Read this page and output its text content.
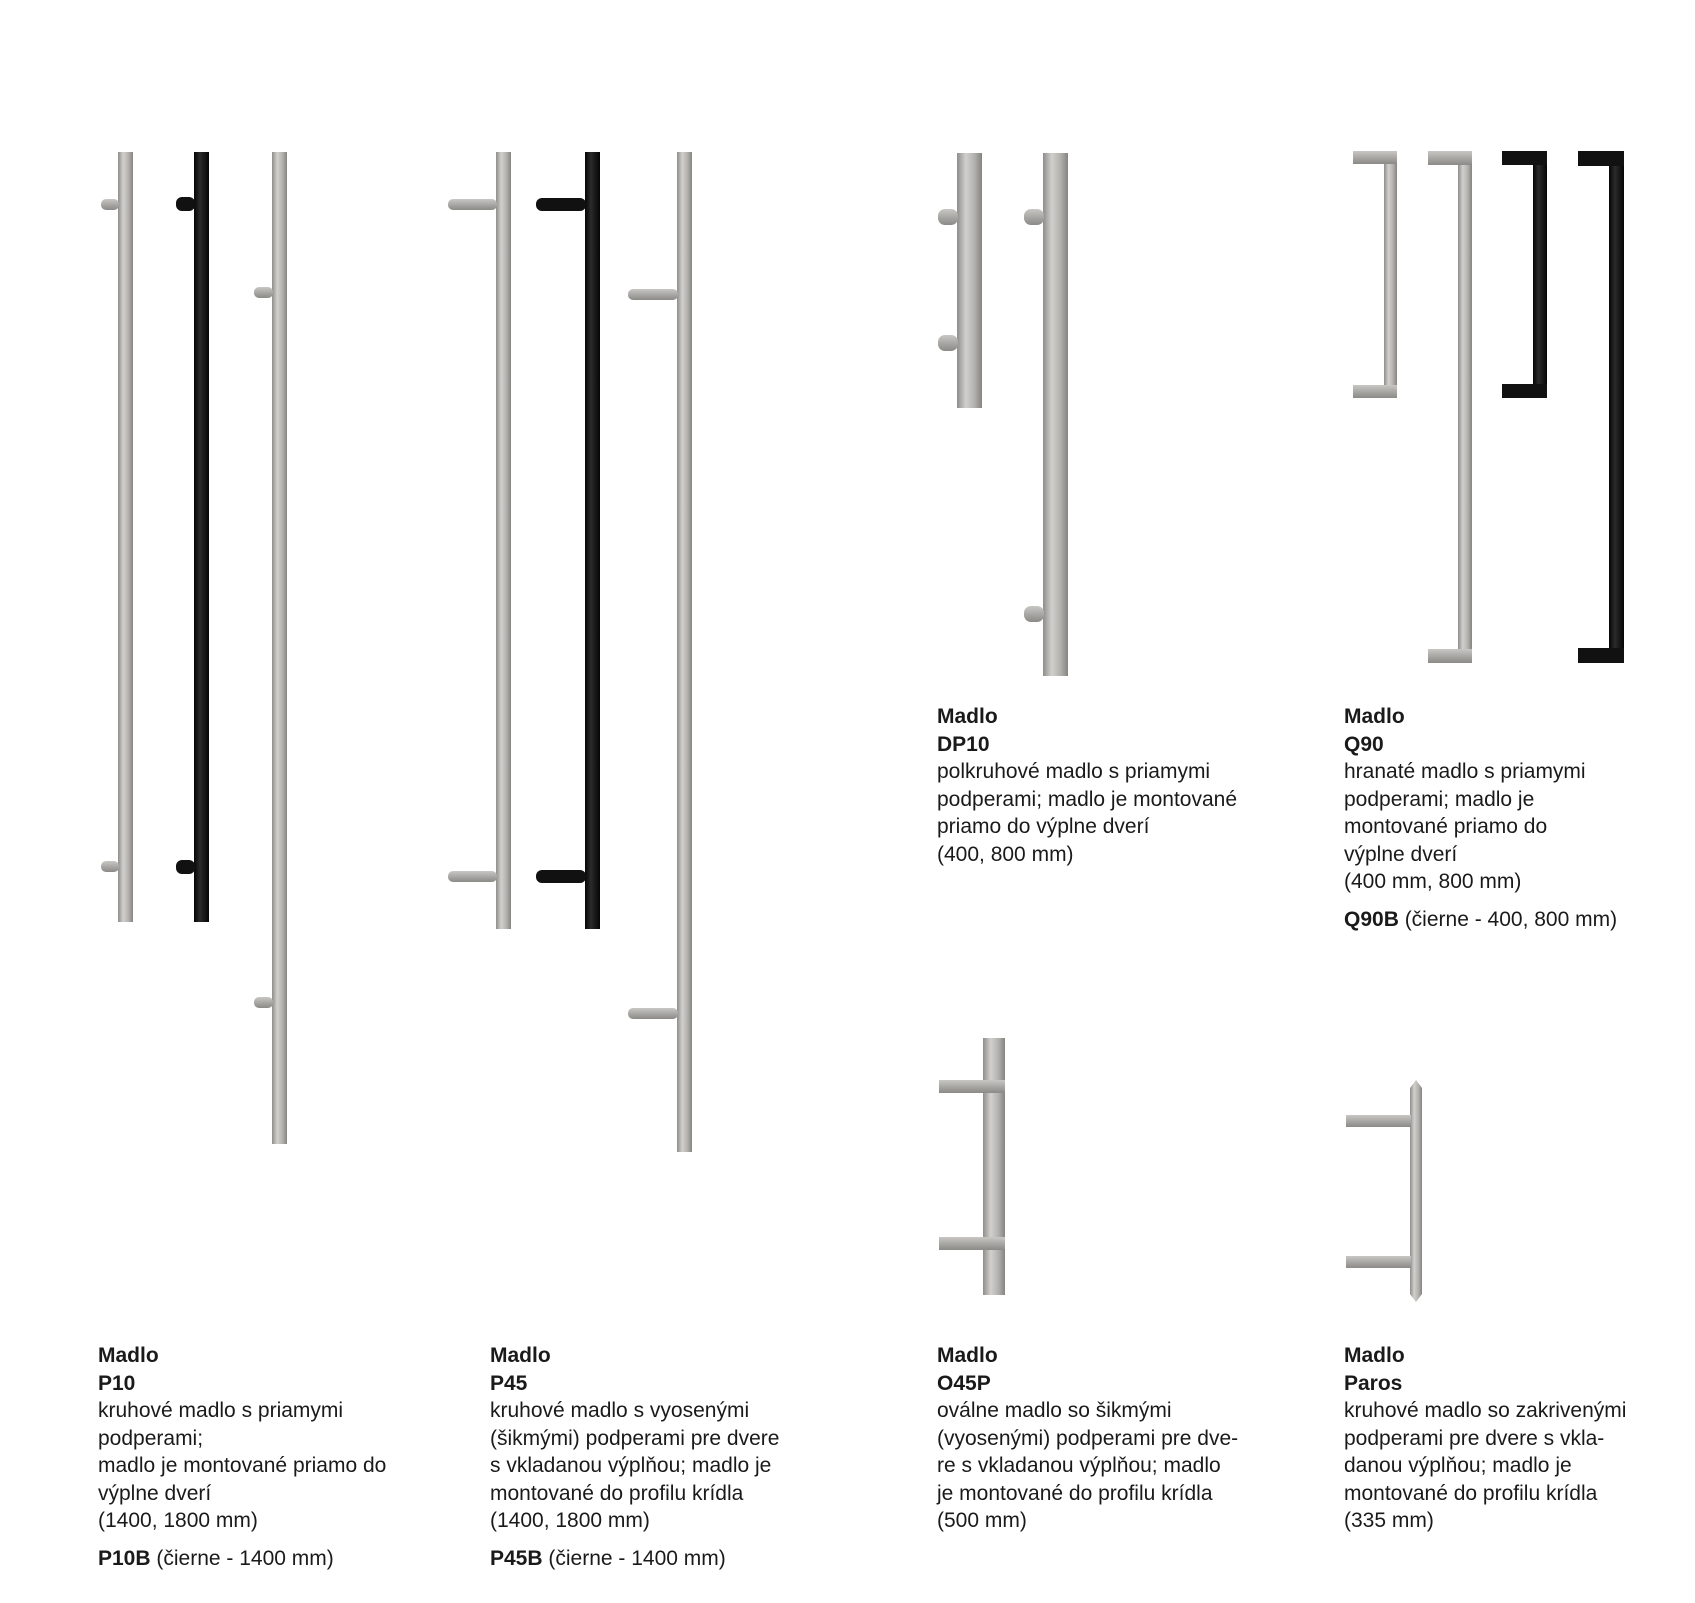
Madlo
P10
kruhové madlo s priamymi
podperami;
madlo je montované priamo do
výplne dverí
(1400, 1800 mm)
P10B (čierne - 1400 mm)
Madlo
P45
kruhové madlo s vyosenými
(šikmými) podperami pre dvere
s vkladanou výplňou; madlo je
montované do profilu krídla
(1400, 1800 mm)
P45B (čierne - 1400 mm)
Madlo
DP10
polkruhové madlo s priamymi
podperami; madlo je montované
priamo do výplne dverí
(400, 800 mm)
Madlo
Q90
hranaté madlo s priamymi
podperami; madlo je
montované priamo do
výplne dverí
(400 mm, 800 mm)
Q90B (čierne - 400, 800 mm)
Madlo
O45P
oválne madlo so šikmými
(vyosenými) podperami pre dve-
re s vkladanou výplňou; madlo
je montované do profilu krídla
(500 mm)
Madlo
Paros
kruhové madlo so zakrivenými
podperami pre dvere s vkla-
danou výplňou; madlo je
montované do profilu krídla
(335 mm)
